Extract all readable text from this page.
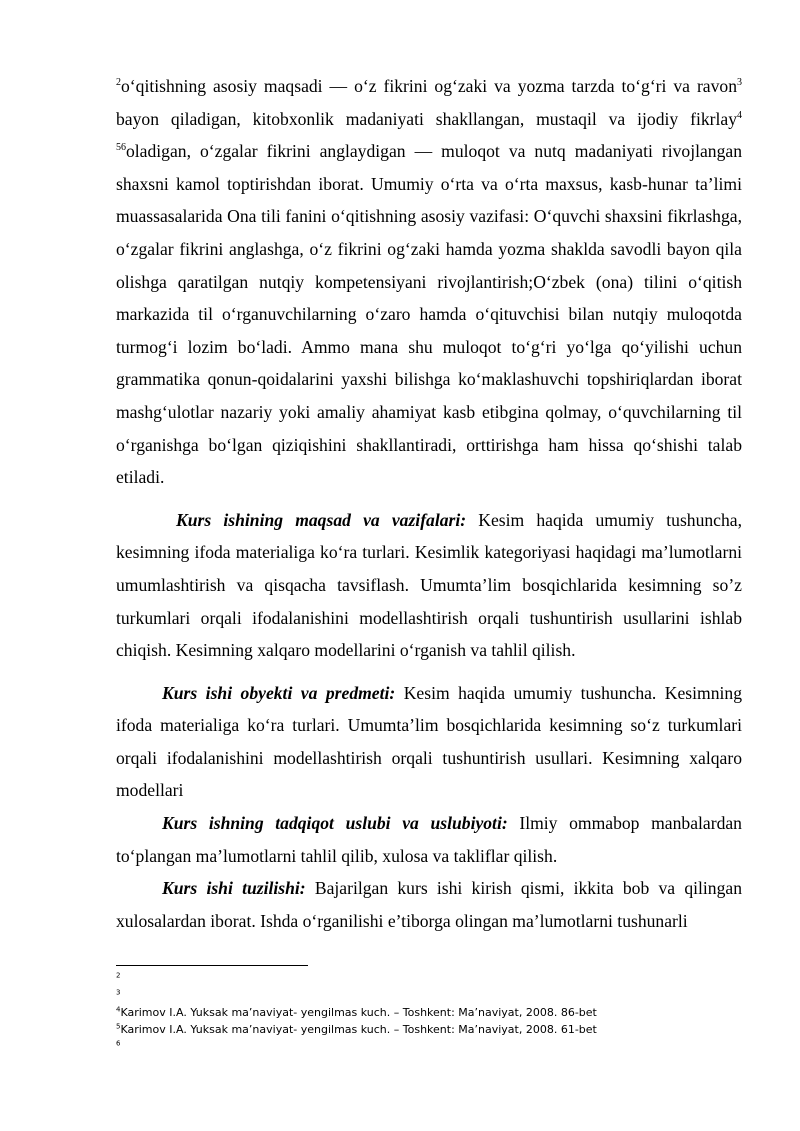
$^2$o‘qitishning asosiy maqsadi — o‘z fikrini og‘zaki va yozma tarzda to‘g‘ri va ravon$^3$ bayon qiladigan, kitobxonlik madaniyati shakllangan, mustaqil va ijodiy fikrlay$^4$ $^{56}$oladigan, o‘zgalar fikrini anglaydigan — muloqot va nutq madaniyati rivojlangan shaxsni kamol toptirishdan iborat. Umumiy o‘rta va o‘rta maxsus, kasb-hunar ta’limi muassasalarida Ona tili fanini o‘qitishning asosiy vazifasi: O‘quvchi shaxsini fikrlashga, o‘zgalar fikrini anglashga, o‘z fikrini og‘zaki hamda yozma shaklda savodli bayon qila olishga qaratilgan nutqiy kompetensiyani rivojlantirish;O‘zbek (ona) tilini o‘qitish markazida til o‘rganuvchilarning o‘zaro hamda o‘qituvchisi bilan nutqiy muloqotda turmog‘i lozim bo‘ladi. Ammo mana shu muloqot to‘g‘ri yo‘lga qo‘yilishi uchun grammatika qonun-qoidalarini yaxshi bilishga ko‘maklashuvchi topshiriqlardan iborat mashg‘ulotlar nazariy yoki amaliy ahamiyat kasb etibgina qolmay, o‘quvchilarning til o‘rganishga bo‘lgan qiziqishini shakllantiradi, orttirishga ham hissa qo‘shishi talab etiladi.

Kurs ishining maqsad va vazifalari: Kesim haqida umumiy tushuncha, kesimning ifoda materialiga ko‘ra turlari. Kesimlik kategoriyasi haqidagi ma’lumotlarni umumlashtirish va qisqacha tavsiflash. Umumta’lim bosqichlarida kesimning so’z turkumlari orqali ifodalanishini modellashtirish orqali tushuntirish usullarini ishlab chiqish. Kesimning xalqaro modellarini o‘rganish va tahlil qilish.

Kurs ishi obyekti va predmeti: Kesim haqida umumiy tushuncha. Kesimning ifoda materialiga ko‘ra turlari. Umumta’lim bosqichlarida kesimning so‘z turkumlari orqali ifodalanishini modellashtirish orqali tushuntirish usullari. Kesimning xalqaro modellari

Kurs ishning tadqiqot uslubi va uslubiyoti: Ilmiy ommabop manbalardan to‘plangan ma’lumotlarni tahlil qilib, xulosa va takliflar qilish.

Kurs ishi tuzilishi: Bajarilgan kurs ishi kirish qismi, ikkita bob va qilingan xulosalardan iborat. Ishda o‘rganilishi e’tiborga olingan ma’lumotlarni tushunarli

$^2$
$^3$
$^4$Karimov I.A. Yuksak ma’naviyat- yengilmas kuch. – Toshkent: Ma’naviyat, 2008. 86-bet
$^5$Karimov I.A. Yuksak ma’naviyat- yengilmas kuch. – Toshkent: Ma’naviyat, 2008. 61-bet
$^6$
